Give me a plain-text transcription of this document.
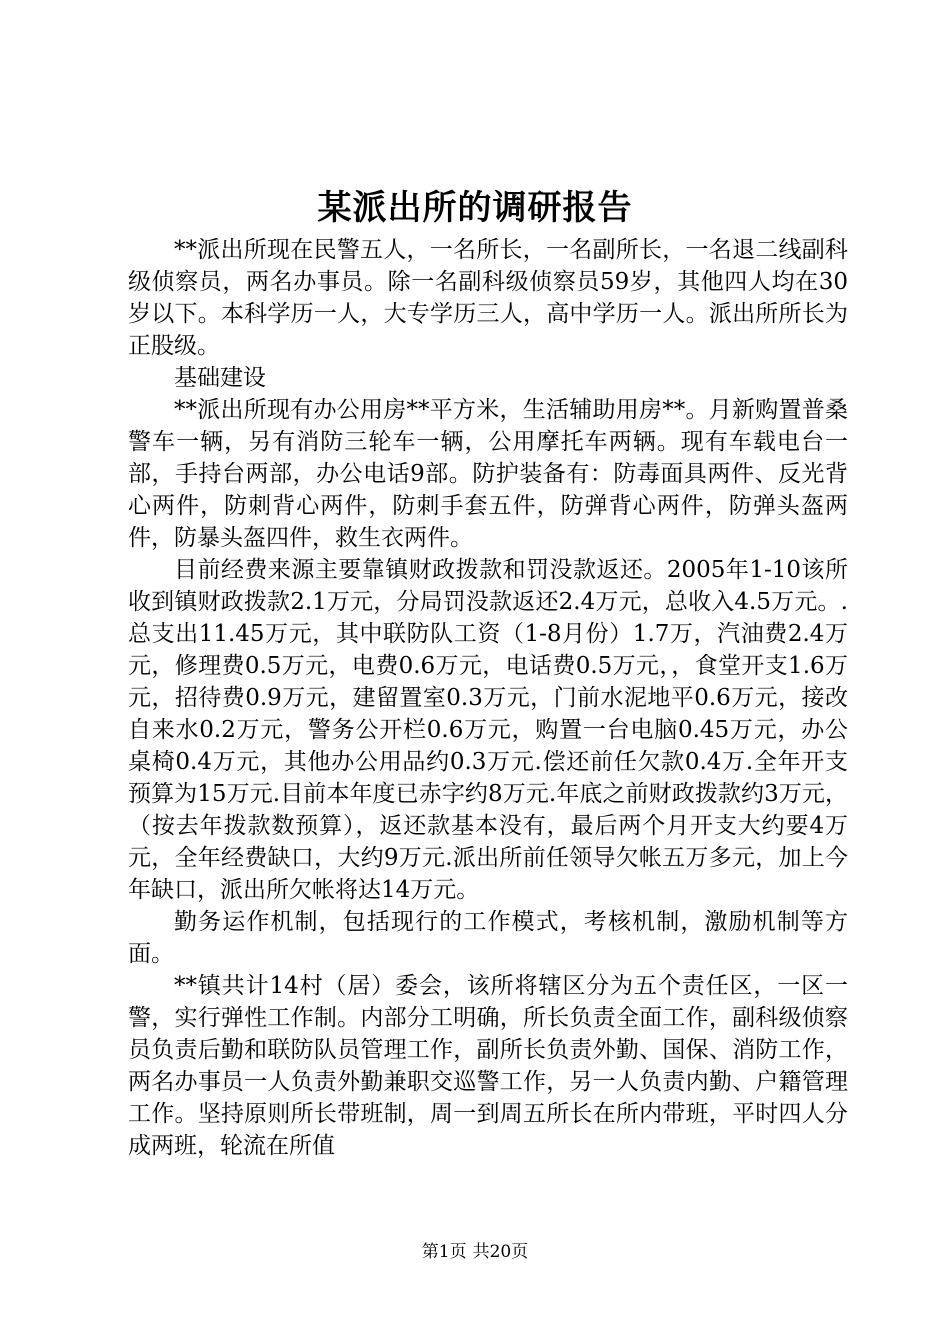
某派出所的调研报告

**派出所现在民警五人，一名所长，一名副所长，一名退二线副科级侦察员，两名办事员。除一名副科级侦察员59岁，其他四人均在30岁以下。本科学历一人，大专学历三人，高中学历一人。派出所所长为正股级。

基础建设

**派出所现有办公用房**平方米，生活辅助用房**。月新购置普桑警车一辆，另有消防三轮车一辆，公用摩托车两辆。现有车载电台一部，手持台两部，办公电话9部。防护装备有：防毒面具两件、反光背心两件，防刺背心两件，防刺手套五件，防弹背心两件，防弹头盔两件，防暴头盔四件，救生衣两件。

目前经费来源主要靠镇财政拨款和罚没款返还。2005年1-10该所收到镇财政拨款2.1万元，分局罚没款返还2.4万元，总收入4.5万元。.总支出11.45万元，其中联防队工资（1-8月份）1.7万，汽油费2.4万元，修理费0.5万元，电费0.6万元，电话费0.5万元，，食堂开支1.6万元，招待费0.9万元，建留置室0.3万元，门前水泥地平0.6万元，接改自来水0.2万元，警务公开栏0.6万元，购置一台电脑0.45万元，办公桌椅0.4万元，其他办公用品约0.3万元.偿还前任欠款0.4万.全年开支预算为15万元.目前本年度已赤字约8万元.年底之前财政拨款约3万元，（按去年拨款数预算），返还款基本没有，最后两个月开支大约要4万元，全年经费缺口，大约9万元.派出所前任领导欠帐五万多元，加上今年缺口，派出所欠帐将达14万元。

勤务运作机制，包括现行的工作模式，考核机制，激励机制等方面。

**镇共计14村（居）委会，该所将辖区分为五个责任区，一区一警，实行弹性工作制。内部分工明确，所长负责全面工作，副科级侦察员负责后勤和联防队员管理工作，副所长负责外勤、国保、消防工作，两名办事员一人负责外勤兼职交巡警工作，另一人负责内勤、户籍管理工作。坚持原则所长带班制，周一到周五所长在所内带班，平时四人分成两班，轮流在所值

第1页 共20页
